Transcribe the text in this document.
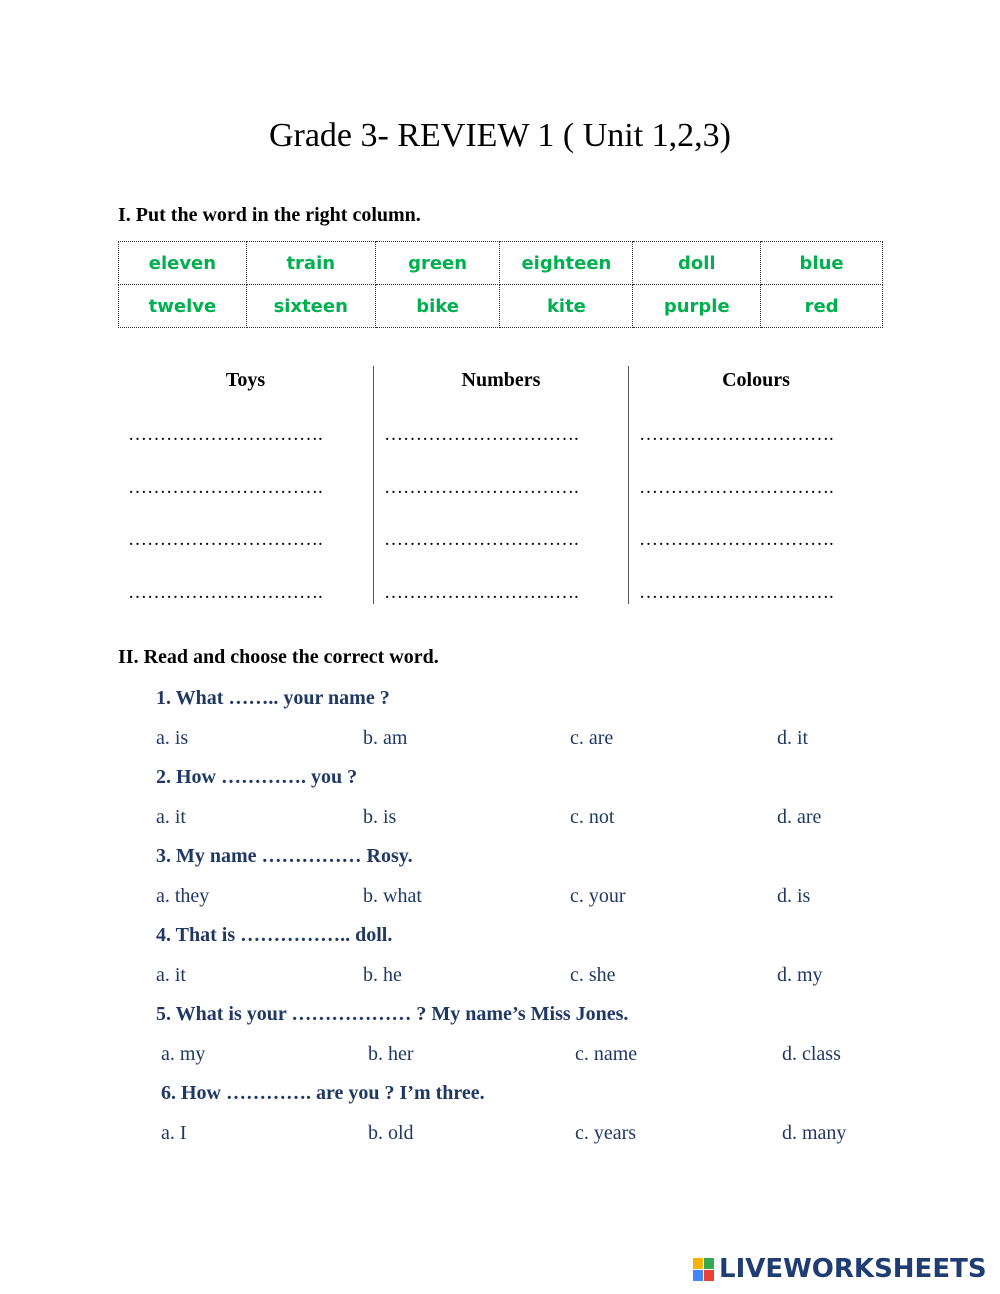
Grade 3- REVIEW 1 ( Unit 1,2,3)
I. Put the word in the right column.
eleven	train	green	eighteen	doll	blue
twelve	sixteen	bike	kite	purple	red
Toys
………………………….
………………………….
………………………….
………………………….
Numbers
………………………….
………………………….
………………………….
………………………….
Colours
………………………….
………………………….
………………………….
………………………….
II. Read and choose the correct word.
1. What …….. your name ?
a. is	b. am	c. are	d. it
2. How …………. you ?
a. it	b. is	c. not	d. are
3. My name …………… Rosy.
a. they	b. what	c. your	d. is
4. That is …………….. doll.
a. it	b. he	c. she	d. my
5. What is your ……………… ? My name’s Miss Jones.
a. my	b. her	c. name	d. class
6. How …………. are you ? I’m three.
a. I	b. old	c. years	d. many
LIVEWORKSHEETS
